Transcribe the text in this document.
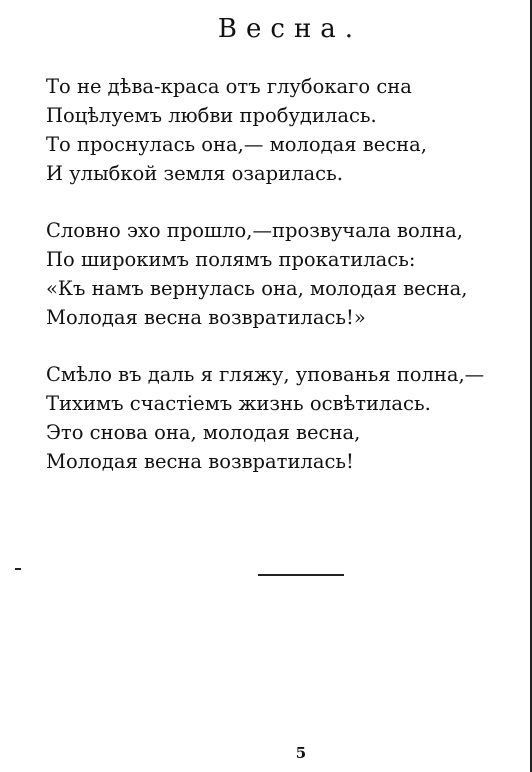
Весна.
То не дѣва-краса отъ глубокаго сна
Поцѣлуемъ любви пробудилась.
То проснулась она,— молодая весна,
И улыбкой земля озарилась.
Словно эхо прошло,—прозвучала волна,
По широкимъ полямъ прокатилась:
«Къ намъ вернулась она, молодая весна,
Молодая весна возвратилась!»
Смѣло въ даль я гляжу, упованья полна,—
Тихимъ счастіемъ жизнь освѣтилась.
Это снова она, молодая весна,
Молодая весна возвратилась!
5
